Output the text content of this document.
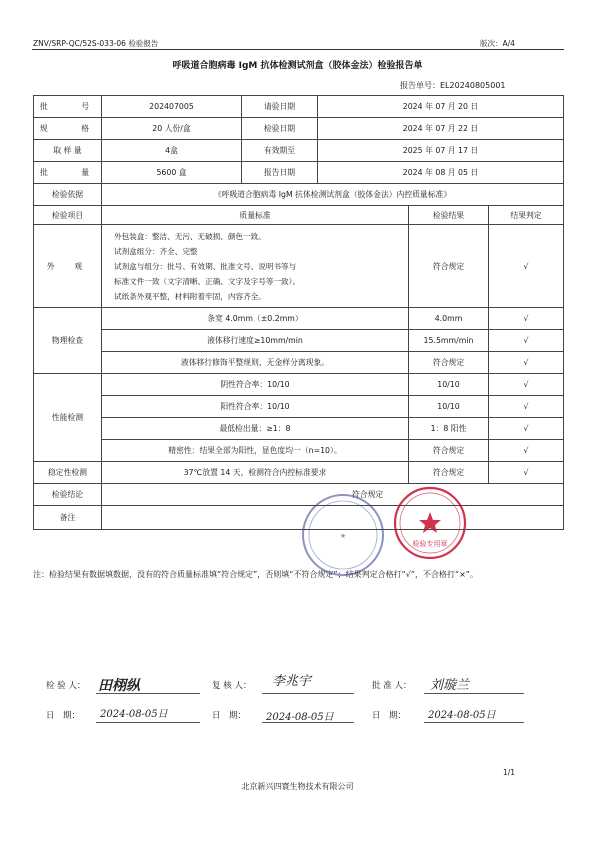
ZNV/SRP-QC/52S-033-06 检验报告	版次：A/4
呼吸道合胞病毒 IgM 抗体检测试剂盒（胶体金法）检验报告单
报告单号：EL20240805001
批　　号	202407005	请验日期	2024 年 07 月 20 日		
规　　格	20 人份/盒	检验日期	2024 年 07 月 22 日		
取 样 量	4盒	有效期至	2025 年 07 月 17 日		
批　　量	5600 盒	报告日期	2024 年 08 月 05 日		
检验依据	《呼吸道合胞病毒 IgM 抗体检测试剂盒（胶体金法）内控质量标准》				
检验项目	质量标准			检验结果	结果判定
外　观	外包装盒：整洁、无污、无破损、颜色一致。
试剂盒组分：齐全、完整
试剂盒与组分：批号、有效期、批准文号、说明书等与
标准文件一致（文字清晰、正确、文字及字号等一致）。
试纸条外观平整，材料附着牢固，内容齐全。			符合规定	√
物理检查	条宽 4.0mm（±0.2mm）			4.0mm	√
	液体移行速度≥10mm/min			15.5mm/min	√
	液体移行修饰平整规则，无金样分离现象。			符合规定	√
性能检测	阴性符合率：10/10			10/10	√
	阳性符合率：10/10			10/10	√
	最低检出量：≥1：8			1：8 阳性	√
	精密性：结果全部为阳性，显色度均一（n=10）。			符合规定	√
稳定性检测	37℃放置 14 天，检测符合内控标准要求			符合规定	√
检验结论	符合规定				
备注					
★
检验专用章
注：检验结果有数据填数据，没有的符合质量标准填“符合规定”，否则填“不符合规定”；结果判定合格打“√”，不合格打“×”。
检 验 人： 田栩纵	复 核 人： 李兆宇	批 准 人： 刘璇兰
日　期： 2024-08-05日	日　期： 2024-08-05日	日　期： 2024-08-05日
1/1
北京新兴四寰生物技术有限公司
